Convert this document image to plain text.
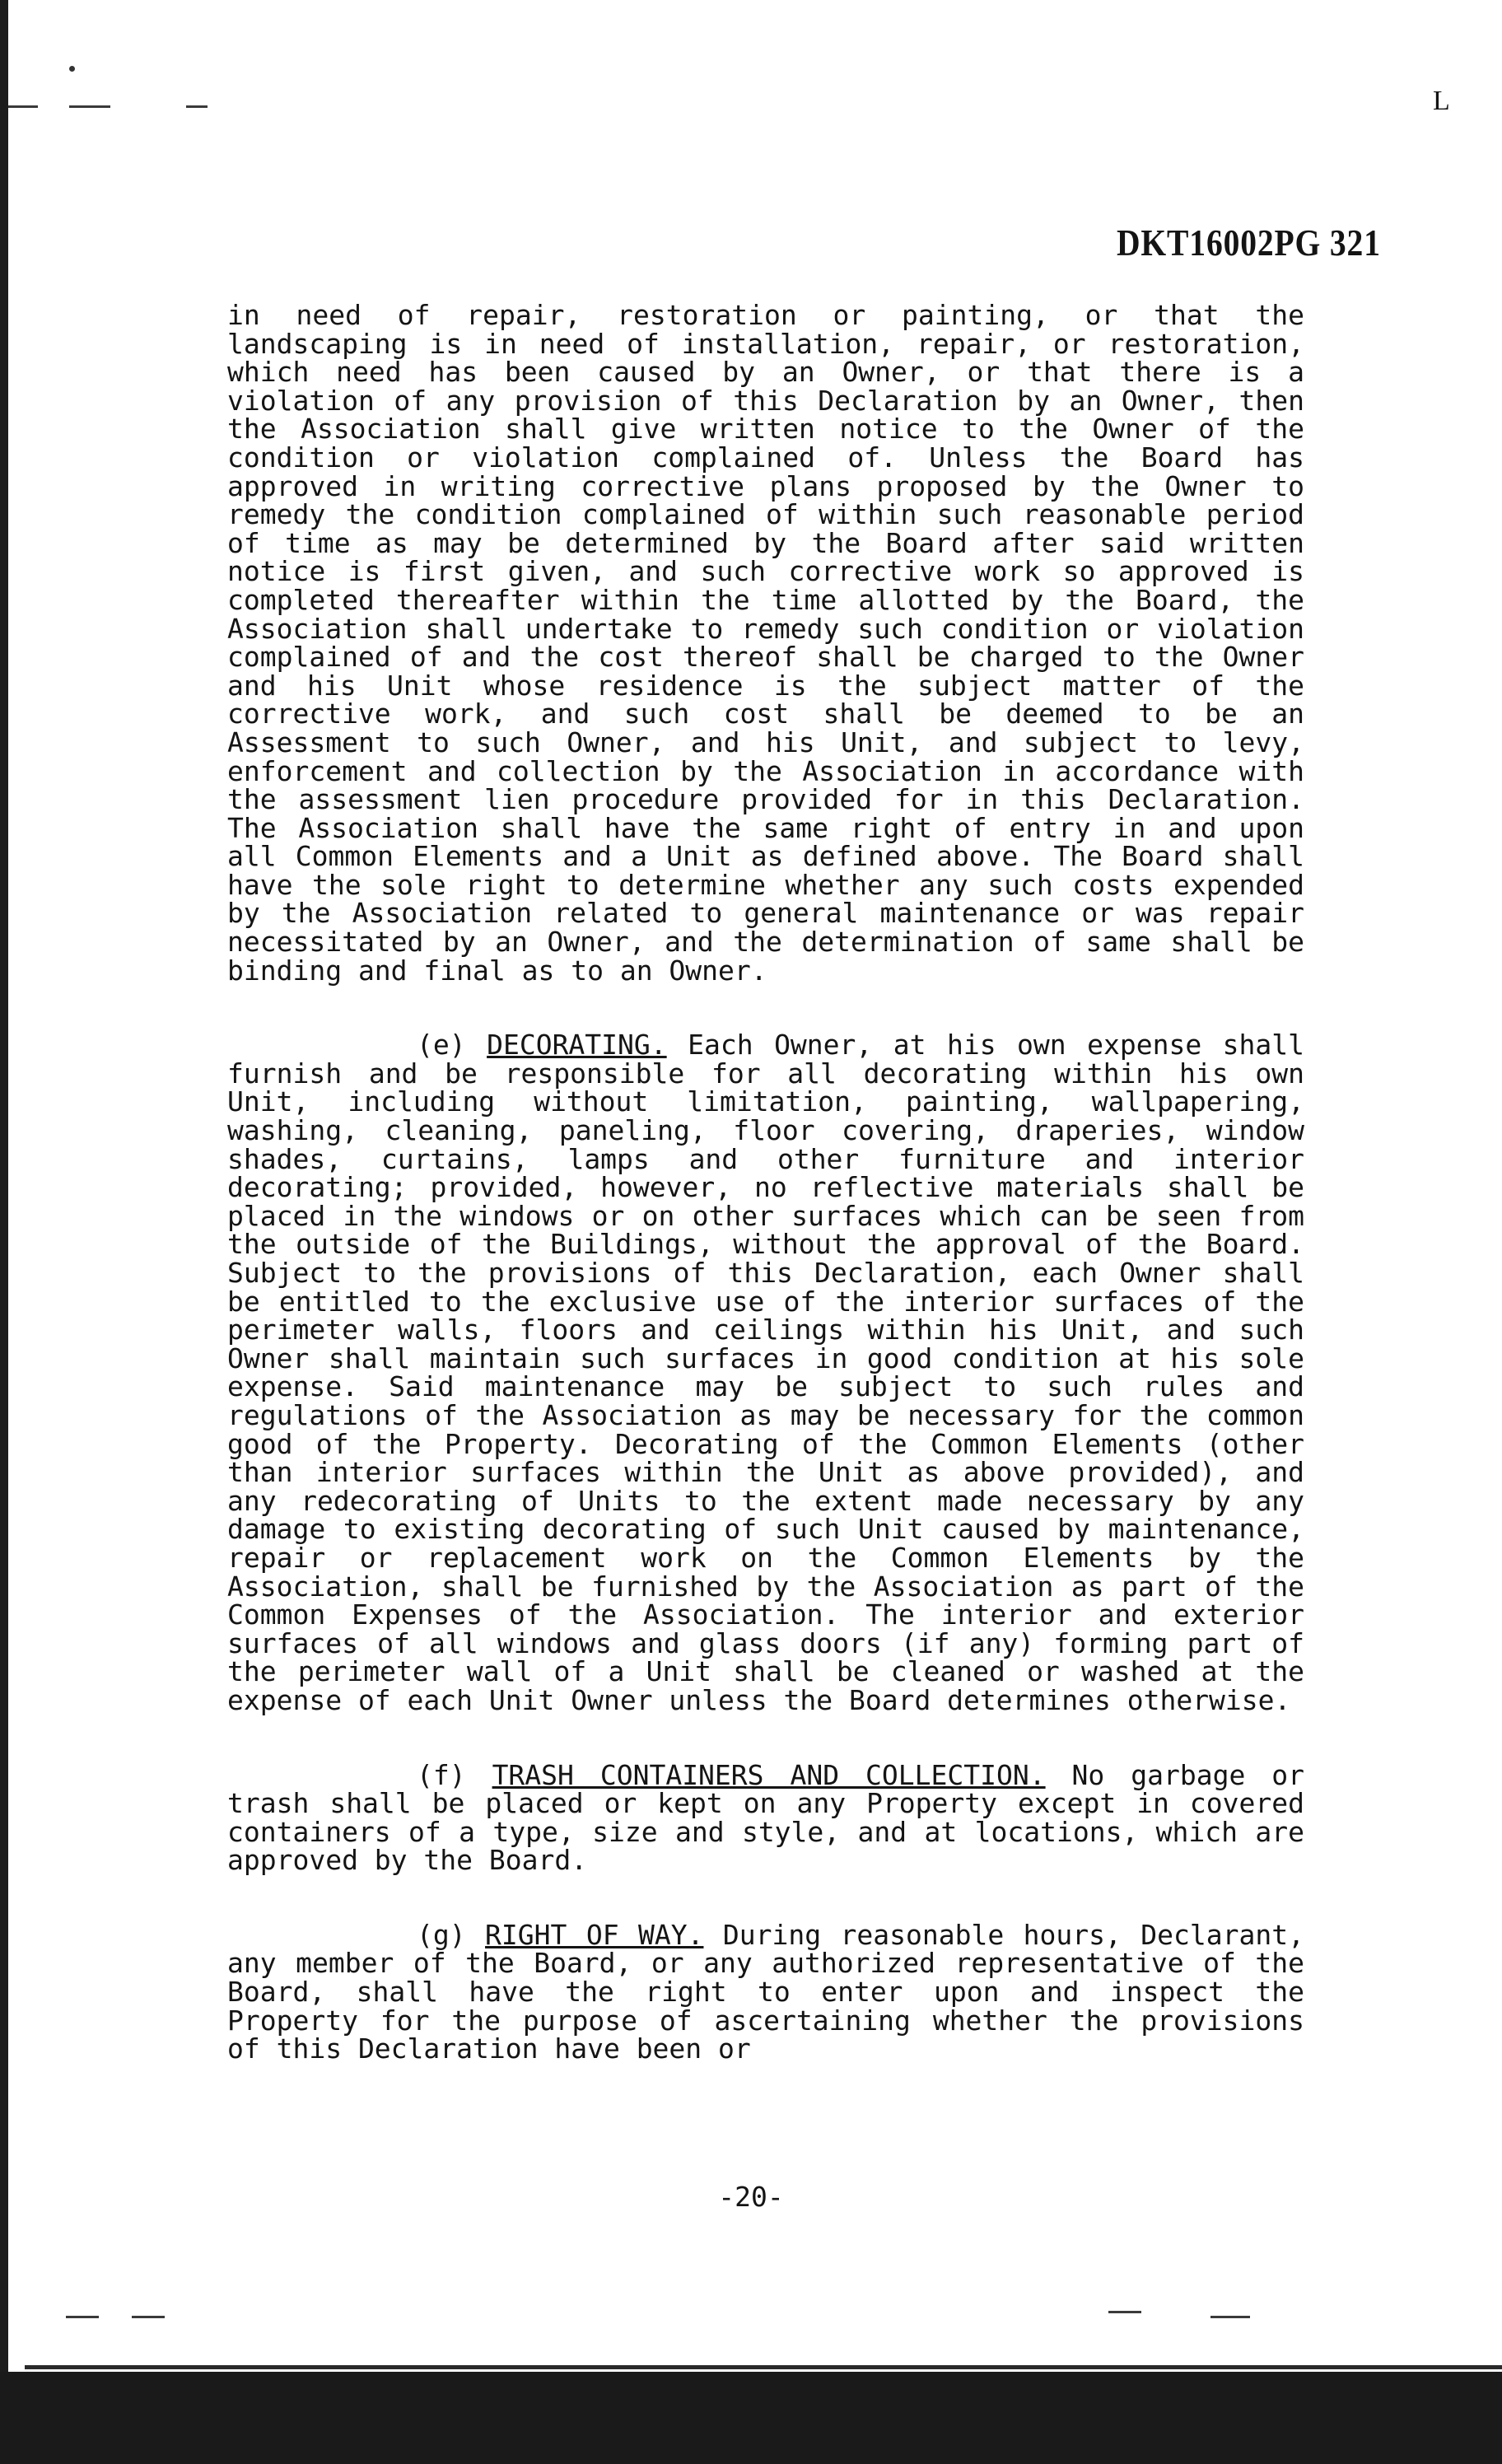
L
DKT16002PG 321

in need of repair, restoration or painting, or that the landscaping is in need of installation, repair, or restoration, which need has been caused by an Owner, or that there is a violation of any provision of this Declaration by an Owner, then the Association shall give written notice to the Owner of the condition or violation complained of. Unless the Board has approved in writing corrective plans proposed by the Owner to remedy the condition complained of within such reasonable period of time as may be determined by the Board after said written notice is first given, and such corrective work so approved is completed thereafter within the time allotted by the Board, the Association shall undertake to remedy such condition or violation complained of and the cost thereof shall be charged to the Owner and his Unit whose residence is the subject matter of the corrective work, and such cost shall be deemed to be an Assessment to such Owner, and his Unit, and subject to levy, enforcement and collection by the Association in accordance with the assessment lien procedure provided for in this Declaration. The Association shall have the same right of entry in and upon all Common Elements and a Unit as defined above. The Board shall have the sole right to determine whether any such costs expended by the Association related to general maintenance or was repair necessitated by an Owner, and the determination of same shall be binding and final as to an Owner.

(e) DECORATING. Each Owner, at his own expense shall furnish and be responsible for all decorating within his own Unit, including without limitation, painting, wallpapering, washing, cleaning, paneling, floor covering, draperies, window shades, curtains, lamps and other furniture and interior decorating; provided, however, no reflective materials shall be placed in the windows or on other surfaces which can be seen from the outside of the Buildings, without the approval of the Board. Subject to the provisions of this Declaration, each Owner shall be entitled to the exclusive use of the interior surfaces of the perimeter walls, floors and ceilings within his Unit, and such Owner shall maintain such surfaces in good condition at his sole expense. Said maintenance may be subject to such rules and regulations of the Association as may be necessary for the common good of the Property. Decorating of the Common Elements (other than interior surfaces within the Unit as above provided), and any redecorating of Units to the extent made necessary by any damage to existing decorating of such Unit caused by maintenance, repair or replacement work on the Common Elements by the Association, shall be furnished by the Association as part of the Common Expenses of the Association. The interior and exterior surfaces of all windows and glass doors (if any) forming part of the perimeter wall of a Unit shall be cleaned or washed at the expense of each Unit Owner unless the Board determines otherwise.

(f) TRASH CONTAINERS AND COLLECTION. No garbage or trash shall be placed or kept on any Property except in covered containers of a type, size and style, and at locations, which are approved by the Board.

(g) RIGHT OF WAY. During reasonable hours, Declarant, any member of the Board, or any authorized representative of the Board, shall have the right to enter upon and inspect the Property for the purpose of ascertaining whether the provisions of this Declaration have been or

-20-
